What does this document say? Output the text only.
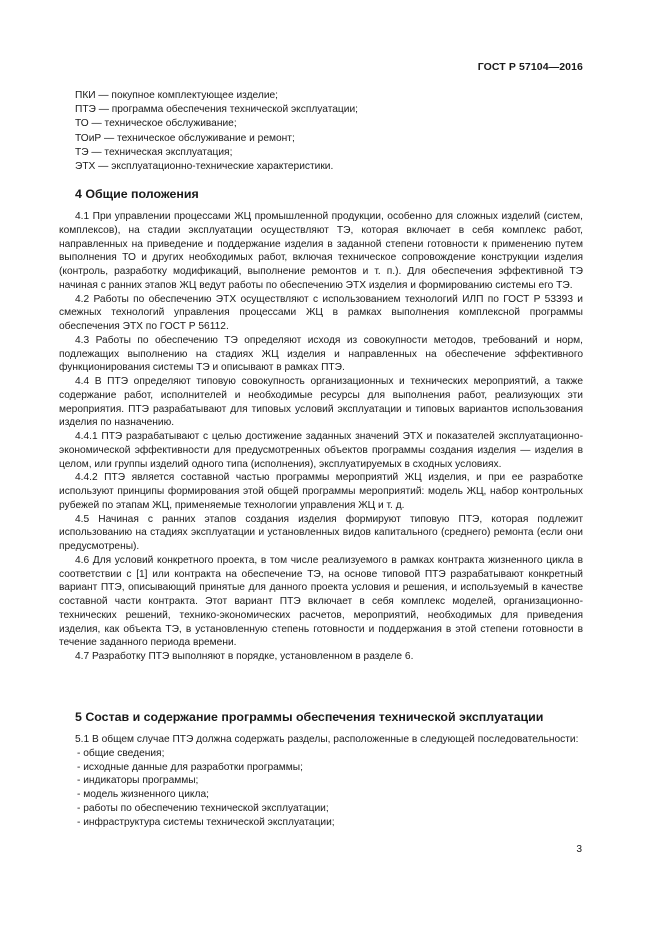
ГОСТ Р 57104—2016
ПКИ — покупное комплектующее изделие;
ПТЭ — программа обеспечения технической эксплуатации;
ТО — техническое обслуживание;
ТОиР — техническое обслуживание и ремонт;
ТЭ — техническая эксплуатация;
ЭТХ — эксплуатационно-технические характеристики.
4 Общие положения

4.1 При управлении процессами ЖЦ промышленной продукции, особенно для сложных изделий (систем, комплексов), на стадии эксплуатации осуществляют ТЭ, которая включает в себя комплекс работ, направленных на приведение и поддержание изделия в заданной степени готовности к применению путем выполнения ТО и других необходимых работ, включая техническое сопровождение конструкции изделия (контроль, разработку модификаций, выполнение ремонтов и т. п.). Для обеспечения эффективной ТЭ начиная с ранних этапов ЖЦ ведут работы по обеспечению ЭТХ изделия и формированию системы его ТЭ.

4.2 Работы по обеспечению ЭТХ осуществляют с использованием технологий ИЛП по ГОСТ Р 53393 и смежных технологий управления процессами ЖЦ в рамках выполнения комплексной программы обеспечения ЭТХ по ГОСТ Р 56112.

4.3 Работы по обеспечению ТЭ определяют исходя из совокупности методов, требований и норм, подлежащих выполнению на стадиях ЖЦ изделия и направленных на обеспечение эффективного функционирования системы ТЭ и описывают в рамках ПТЭ.

4.4 В ПТЭ определяют типовую совокупность организационных и технических мероприятий, а также содержание работ, исполнителей и необходимые ресурсы для выполнения работ, реализующих эти мероприятия. ПТЭ разрабатывают для типовых условий эксплуатации и типовых вариантов использования изделия по назначению.

4.4.1 ПТЭ разрабатывают с целью достижение заданных значений ЭТХ и показателей эксплуатационно-экономической эффективности для предусмотренных объектов программы создания изделия — изделия в целом, или группы изделий одного типа (исполнения), эксплуатируемых в сходных условиях.

4.4.2 ПТЭ является составной частью программы мероприятий ЖЦ изделия, и при ее разработке используют принципы формирования этой общей программы мероприятий: модель ЖЦ, набор контрольных рубежей по этапам ЖЦ, применяемые технологии управления ЖЦ и т. д.

4.5 Начиная с ранних этапов создания изделия формируют типовую ПТЭ, которая подлежит использованию на стадиях эксплуатации и установленных видов капитального (среднего) ремонта (если они предусмотрены).

4.6 Для условий конкретного проекта, в том числе реализуемого в рамках контракта жизненного цикла в соответствии с [1] или контракта на обеспечение ТЭ, на основе типовой ПТЭ разрабатывают конкретный вариант ПТЭ, описывающий принятые для данного проекта условия и решения, и используемый в качестве составной части контракта. Этот вариант ПТЭ включает в себя комплекс моделей, организационно-технических решений, технико-экономических расчетов, мероприятий, необходимых для приведения изделия, как объекта ТЭ, в установленную степень готовности и поддержания в этой степени готовности в течение заданного периода времени.

4.7 Разработку ПТЭ выполняют в порядке, установленном в разделе 6.

5 Состав и содержание программы обеспечения технической эксплуатации

5.1 В общем случае ПТЭ должна содержать разделы, расположенные в следующей последовательности:

- общие сведения;
- исходные данные для разработки программы;
- индикаторы программы;
- модель жизненного цикла;
- работы по обеспечению технической эксплуатации;
- инфраструктура системы технической эксплуатации;
3
